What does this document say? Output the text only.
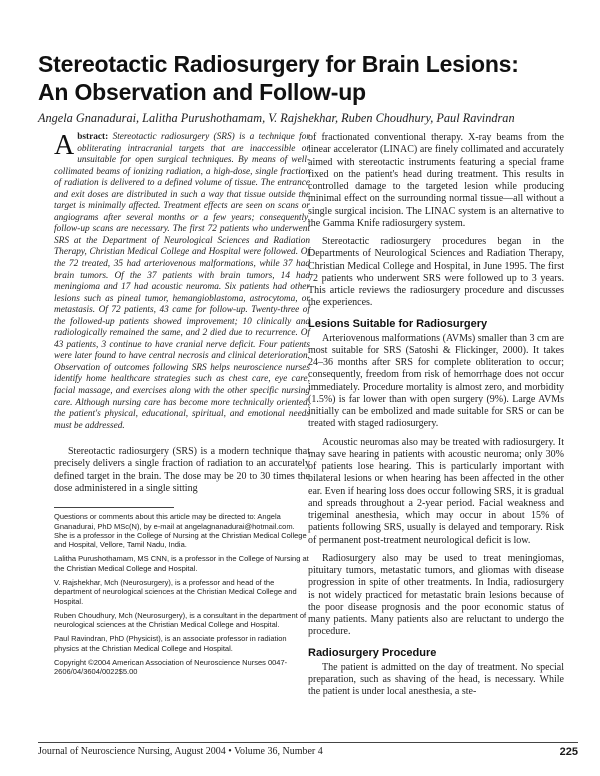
Stereotactic Radiosurgery for Brain Lesions:
An Observation and Follow-up

Angela Gnanadurai, Lalitha Purushothamam, V. Rajshekhar, Ruben Choudhury, Paul Ravindran

Abstract: Stereotactic radiosurgery (SRS) is a technique for obliterating intracranial targets that are inaccessible or unsuitable for open surgical techniques. By means of well-collimated beams of ionizing radiation, a high-dose, single fraction of radiation is delivered to a defined volume of tissue. The entrance and exit doses are distributed in such a way that tissue outside the target is minimally affected. Treatment effects are seen on scans or angiograms after several months or a few years; consequently, follow-up scans are necessary. The first 72 patients who underwent SRS at the Department of Neurological Sciences and Radiation Therapy, Christian Medical College and Hospital were followed. Of the 72 treated, 35 had arteriovenous malformations, while 37 had brain tumors. Of the 37 patients with brain tumors, 14 had meningioma and 17 had acoustic neuroma. Six patients had other lesions such as pineal tumor, hemangioblastoma, astrocytoma, or metastasis. Of 72 patients, 43 came for follow-up. Twenty-three of the followed-up patients showed improvement; 10 clinically and radiologically remained the same, and 2 died due to recurrence. Of 43 patients, 3 continue to have cranial nerve deficit. Four patients were later found to have central necrosis and clinical deterioration. Observation of outcomes following SRS helps neuroscience nurses identify home healthcare strategies such as chest care, eye care, facial massage, and exercises along with the other specific nursing care. Although nursing care has become more technically oriented, the patient's physical, educational, spiritual, and emotional needs must be addressed.

Stereotactic radiosurgery (SRS) is a modern technique that precisely delivers a single fraction of radiation to an accurately defined target in the brain. The dose may be 20 to 30 times the dose administered in a single sitting

Questions or comments about this article may be directed to: Angela Gnanadurai, PhD MSc(N), by e-mail at angelagnanadurai@hotmail.com. She is a professor in the College of Nursing at the Christian Medical College and Hospital, Vellore, Tamil Nadu, India.

Lalitha Purushothamam, MS CNN, is a professor in the College of Nursing at the Christian Medical College and Hospital.

V. Rajshekhar, Mch (Neurosurgery), is a professor and head of the department of neurological sciences at the Christian Medical College and Hospital.

Ruben Choudhury, Mch (Neurosurgery), is a consultant in the department of neurological sciences at the Christian Medical College and Hospital.

Paul Ravindran, PhD (Physicist), is an associate professor in radiation physics at the Christian Medical College and Hospital.

Copyright ©2004 American Association of Neuroscience Nurses 0047-2606/04/3604/0022$5.00

of fractionated conventional therapy. X-ray beams from the linear accelerator (LINAC) are finely collimated and accurately aimed with stereotactic instruments featuring a special frame fixed on the patient's head during treatment. This results in controlled damage to the targeted lesion while producing minimal effect on the surrounding normal tissue—all without a single surgical incision. The LINAC system is an alternative to the Gamma Knife radiosurgery system.

Stereotactic radiosurgery procedures began in the Departments of Neurological Sciences and Radiation Therapy, Christian Medical College and Hospital, in June 1995. The first 72 patients who underwent SRS were followed up to 3 years. This article reviews the radiosurgery procedure and discusses the experiences.

Lesions Suitable for Radiosurgery

Arteriovenous malformations (AVMs) smaller than 3 cm are most suitable for SRS (Satoshi & Flickinger, 2000). It takes 24–36 months after SRS for complete obliteration to occur; consequently, freedom from risk of hemorrhage does not occur immediately. Procedure mortality is almost zero, and morbidity (1.5%) is far lower than with open surgery (9%). Large AVMs initially can be embolized and made suitable for SRS or can be treated with staged radiosurgery.

Acoustic neuromas also may be treated with radiosurgery. It may save hearing in patients with acoustic neuroma; only 30% of patients lose hearing. This is particularly important with bilateral lesions or when hearing has been affected in the other ear. Even if hearing loss does occur following SRS, it is gradual and spreads throughout a 2-year period. Facial weakness and trigeminal anesthesia, which may occur in about 15% of patients following SRS, usually is delayed and temporary. Risk of permanent post-treatment neurological deficit is low.

Radiosurgery also may be used to treat meningiomas, pituitary tumors, metastatic tumors, and gliomas with disease progression in spite of other treatments. In India, radiosurgery is not widely practiced for metastatic brain lesions because of the poor disease prognosis and the poor economic status of many patients. Many patients also are reluctant to undergo the procedure.

Radiosurgery Procedure

The patient is admitted on the day of treatment. No special preparation, such as shaving of the head, is necessary. While the patient is under local anesthesia, a ste-

Journal of Neuroscience Nursing, August 2004 • Volume 36, Number 4	225
